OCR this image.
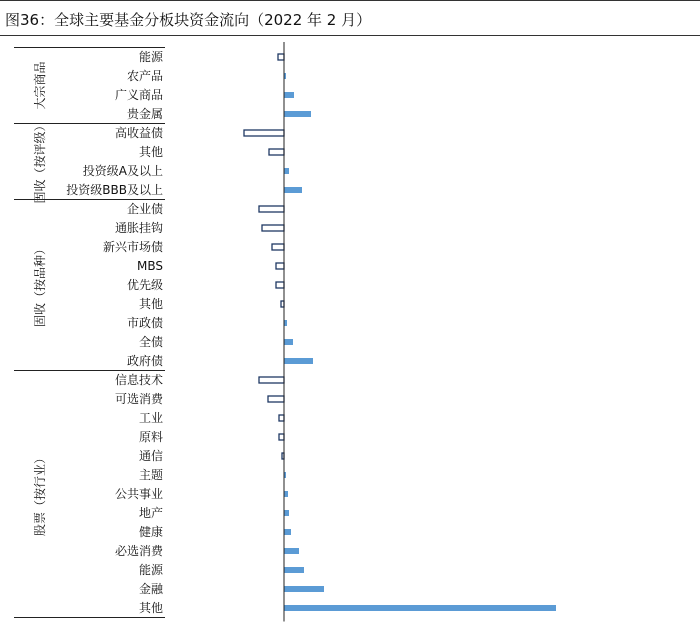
图36：全球主要基金分板块资金流向（2022 年 2 月）
能源
农产品
广义商品
贵金属
高收益债
其他
投资级A及以上
投资级BBB及以上
企业债
通胀挂钩
新兴市场债
MBS
优先级
其他
市政债
全债
政府债
信息技术
可选消费
工业
原料
通信
主题
公共事业
地产
健康
必选消费
能源
金融
其他
大宗商品
固收（按评级）
固收（按品种）
股票（按行业）
